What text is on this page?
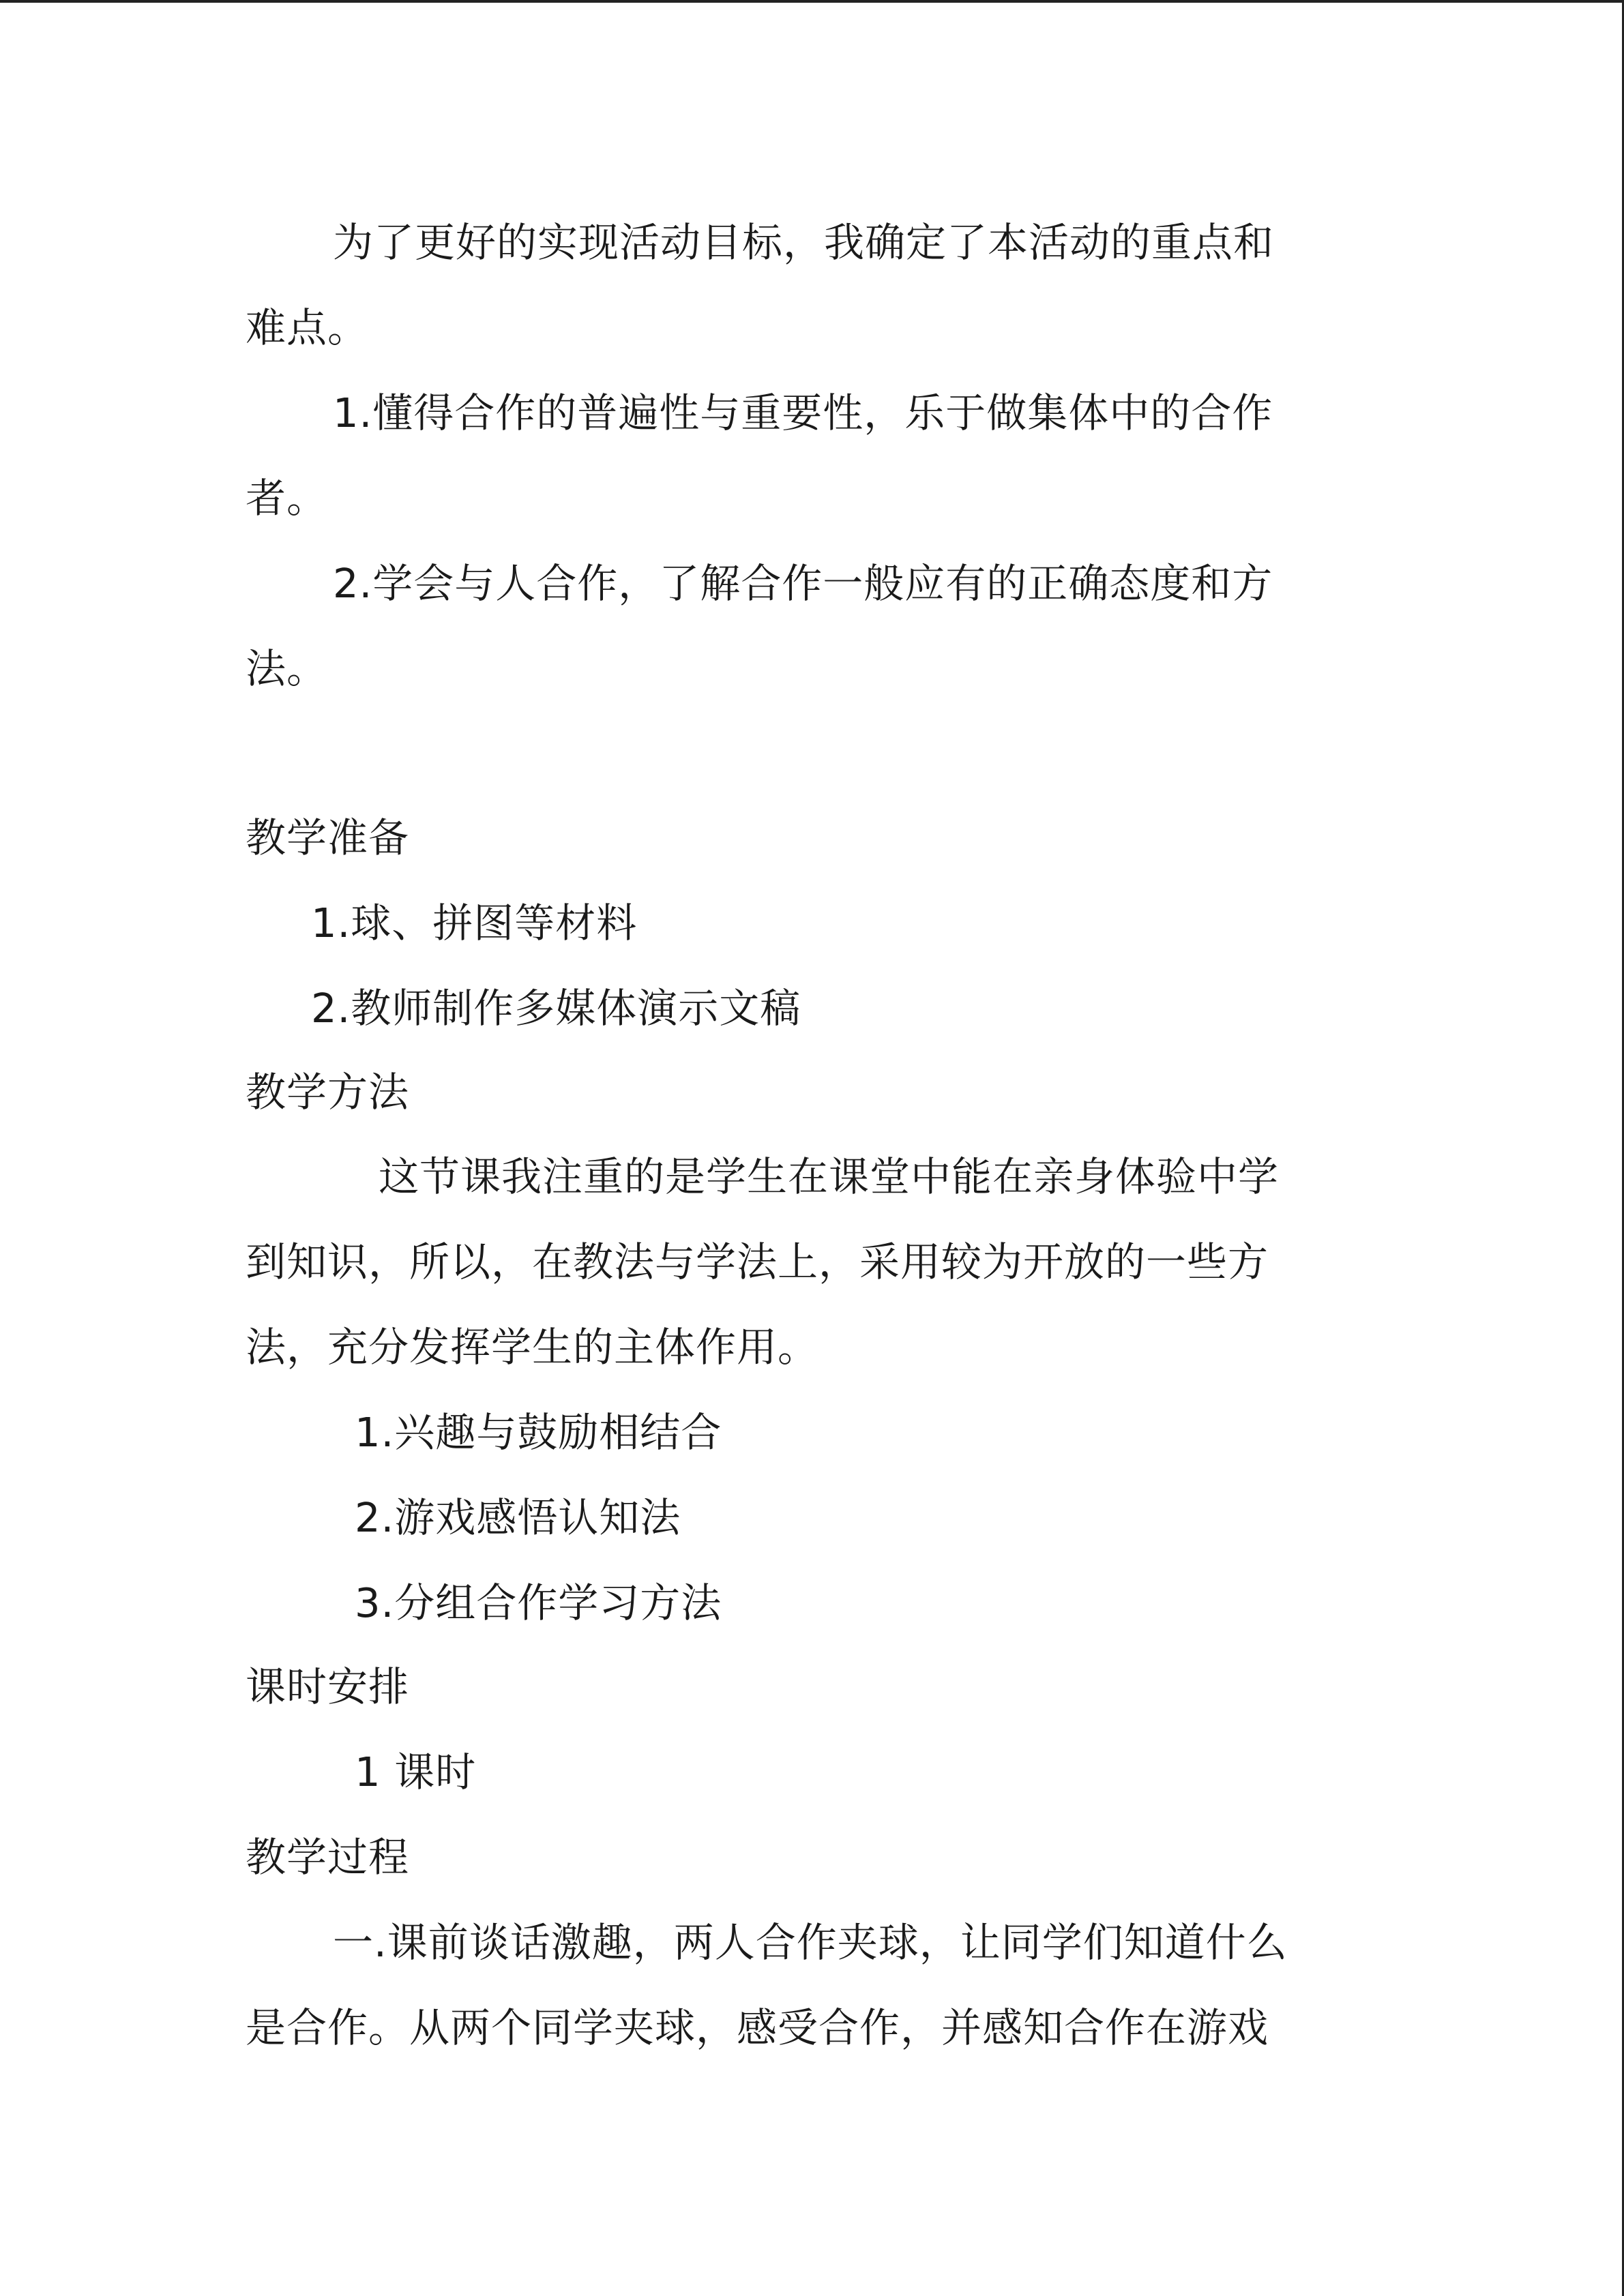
为了更好的实现活动目标，我确定了本活动的重点和
难点。
1.懂得合作的普遍性与重要性，乐于做集体中的合作
者。
2.学会与人合作，了解合作一般应有的正确态度和方
法。
教学准备
1.球、拼图等材料
2.教师制作多媒体演示文稿
教学方法
这节课我注重的是学生在课堂中能在亲身体验中学
到知识，所以，在教法与学法上，采用较为开放的一些方
法，充分发挥学生的主体作用。
1.兴趣与鼓励相结合
2.游戏感悟认知法
3.分组合作学习方法
课时安排
1 课时
教学过程
一.课前谈话激趣，两人合作夹球，让同学们知道什么
是合作。从两个同学夹球，感受合作，并感知合作在游戏
